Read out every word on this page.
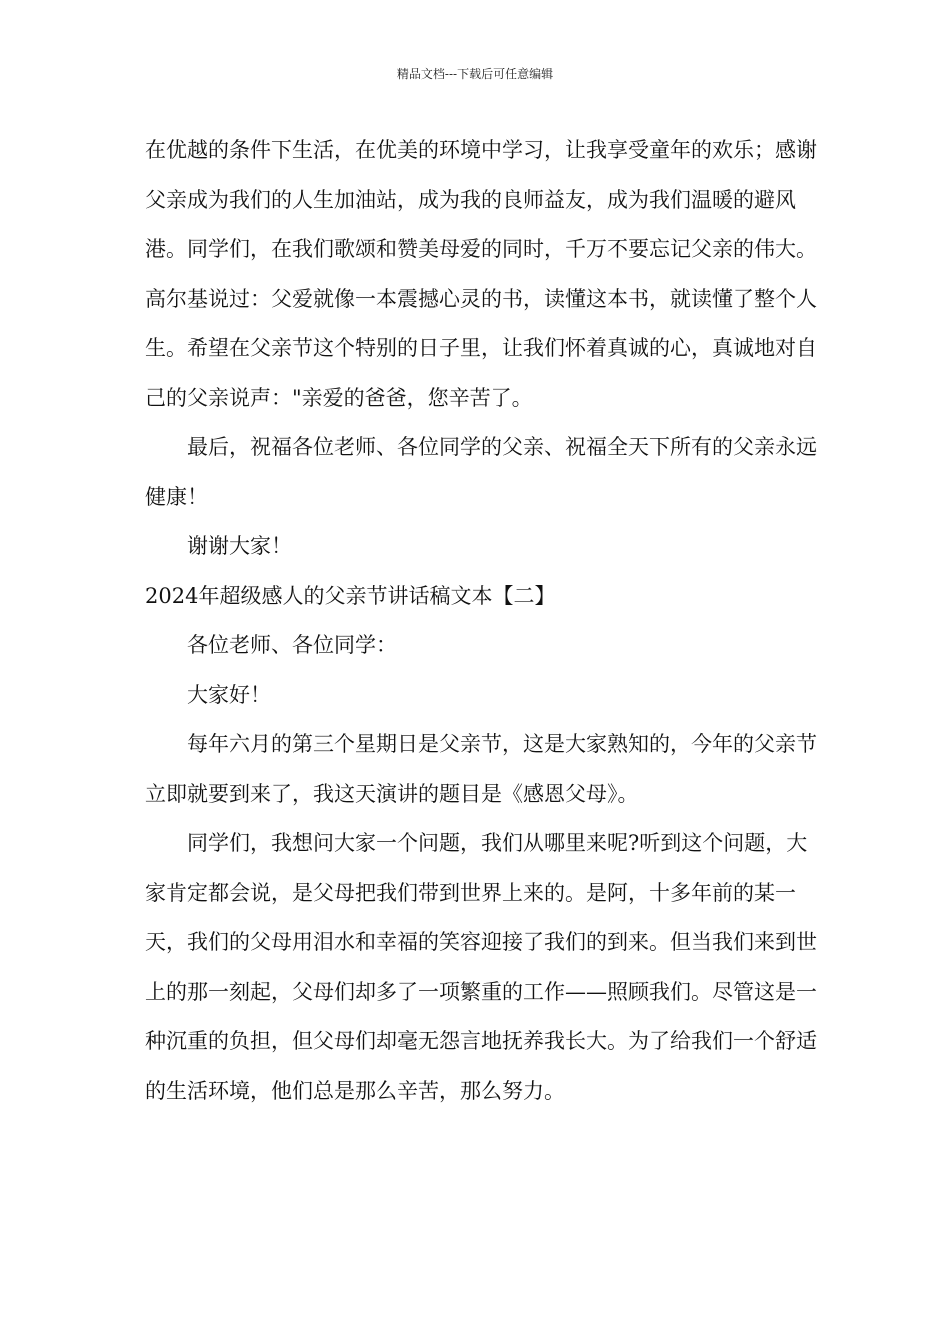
精品文档---下载后可任意编辑

在优越的条件下生活，在优美的环境中学习，让我享受童年的欢乐；感谢父亲成为我们的人生加油站，成为我的良师益友，成为我们温暖的避风港。同学们，在我们歌颂和赞美母爱的同时，千万不要忘记父亲的伟大。高尔基说过：父爱就像一本震撼心灵的书，读懂这本书，就读懂了整个人生。希望在父亲节这个特别的日子里，让我们怀着真诚的心，真诚地对自己的父亲说声："亲爱的爸爸，您辛苦了。

最后，祝福各位老师、各位同学的父亲、祝福全天下所有的父亲永远健康！

谢谢大家！

2024年超级感人的父亲节讲话稿文本【二】

各位老师、各位同学：

大家好！

每年六月的第三个星期日是父亲节，这是大家熟知的，今年的父亲节立即就要到来了，我这天演讲的题目是《感恩父母》。

同学们，我想问大家一个问题，我们从哪里来呢?听到这个问题，大家肯定都会说，是父母把我们带到世界上来的。是阿，十多年前的某一天，我们的父母用泪水和幸福的笑容迎接了我们的到来。但当我们来到世上的那一刻起，父母们却多了一项繁重的工作——照顾我们。尽管这是一种沉重的负担，但父母们却毫无怨言地抚养我长大。为了给我们一个舒适的生活环境，他们总是那么辛苦，那么努力。
